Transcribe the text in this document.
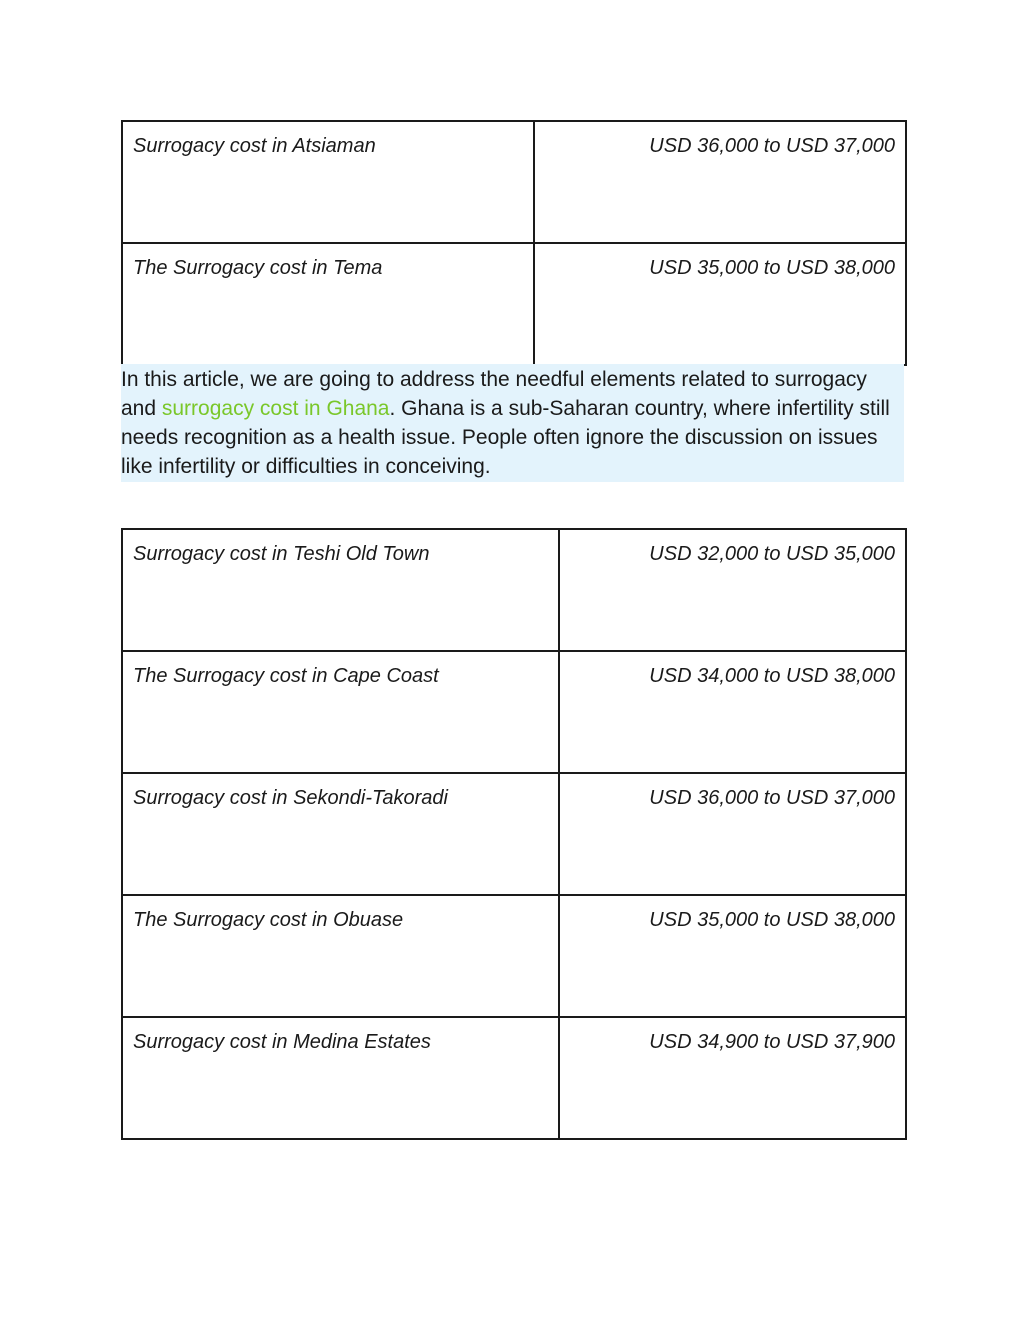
Surrogacy cost in Atsiaman	USD 36,000 to USD 37,000
The Surrogacy cost in Tema	USD 35,000 to USD 38,000
In this article, we are going to address the needful elements related to surrogacy and surrogacy cost in Ghana. Ghana is a sub-Saharan country, where infertility still needs recognition as a health issue. People often ignore the discussion on issues like infertility or difficulties in conceiving.
Surrogacy cost in Teshi Old Town	USD 32,000 to USD 35,000
The Surrogacy cost in Cape Coast	USD 34,000 to USD 38,000
Surrogacy cost in Sekondi-Takoradi	USD 36,000 to USD 37,000
The Surrogacy cost in Obuase	USD 35,000 to USD 38,000
Surrogacy cost in Medina Estates	USD 34,900 to USD 37,900
